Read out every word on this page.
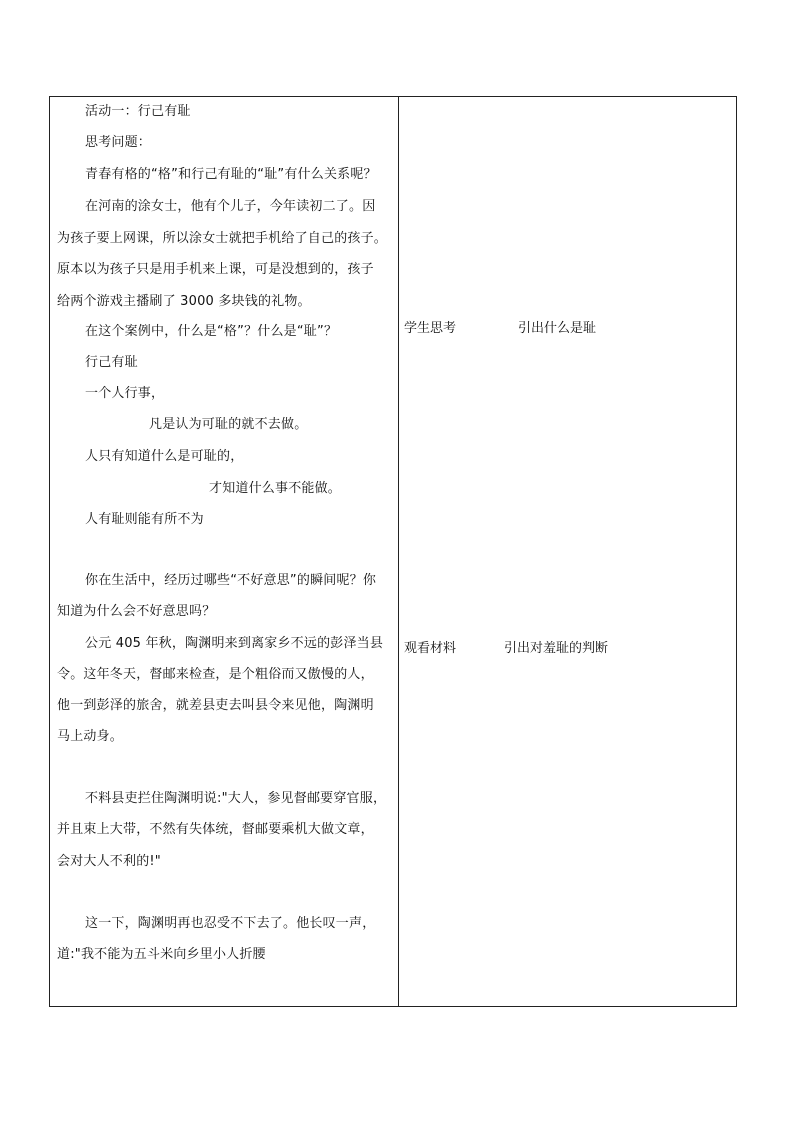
活动一：行己有耻
思考问题：
青春有格的“格”和行己有耻的“耻”有什么关系呢？
在河南的涂女士，他有个儿子，今年读初二了。因
为孩子要上网课，所以涂女士就把手机给了自己的孩子。
原本以为孩子只是用手机来上课，可是没想到的，孩子
给两个游戏主播刷了 3000 多块钱的礼物。
在这个案例中，什么是“格”？什么是“耻”？
行己有耻
一个人行事，
凡是认为可耻的就不去做。
人只有知道什么是可耻的，
才知道什么事不能做。
人有耻则能有所不为
你在生活中，经历过哪些“不好意思”的瞬间呢？你
知道为什么会不好意思吗？
公元 405 年秋，陶渊明来到离家乡不远的彭泽当县
令。这年冬天，督邮来检查，是个粗俗而又傲慢的人，
他一到彭泽的旅舍，就差县吏去叫县令来见他，陶渊明
马上动身。
不料县吏拦住陶渊明说:"大人，参见督邮要穿官服，
并且束上大带，不然有失体统，督邮要乘机大做文章，
会对大人不利的!"
这一下，陶渊明再也忍受不下去了。他长叹一声，
道:"我不能为五斗米向乡里小人折腰
学生思考	引出什么是耻
观看材料	引出对羞耻的判断
